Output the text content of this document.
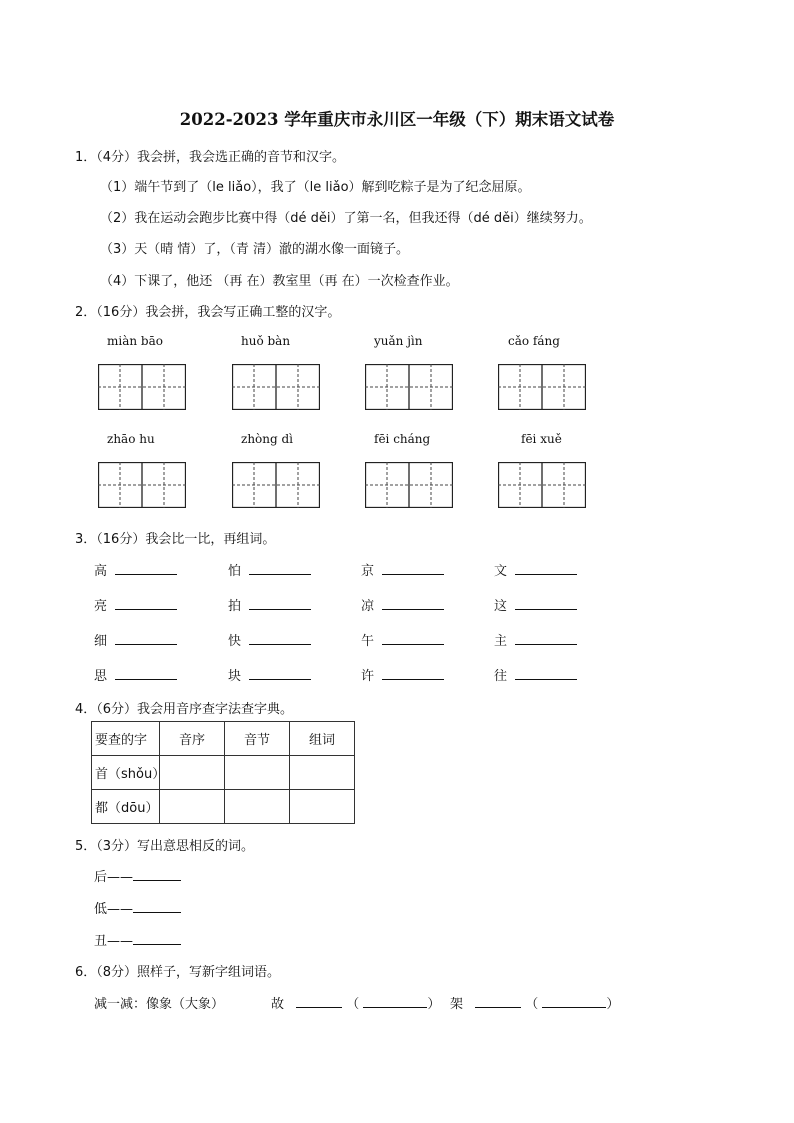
2022-2023 学年重庆市永川区一年级（下）期末语文试卷
1．（4分）我会拼，我会选正确的音节和汉字。
（1）端午节到了（le liǎo），我了（le liǎo）解到吃粽子是为了纪念屈原。
（2）我在运动会跑步比赛中得（dé děi）了第一名，但我还得（dé děi）继续努力。
（3）天（晴 情）了，（青 清）澈的湖水像一面镜子。
（4）下课了，他还 （再 在）教室里（再 在）一次检查作业。
2．（16分）我会拼，我会写正确工整的汉字。
miàn bāo	huǒ bàn	yuǎn jìn	cǎo fáng
zhāo hu	zhòng dì	fēi cháng	fēi xuě
3．（16分）我会比一比，再组词。
高	怕	京	文
亮	拍	凉	这
细	快	午	主
思	块	许	往
4．（6分）我会用音序查字法查字典。
要查的字	音序	音节	组词
首（shǒu）			
都（dōu）			
5．（3分）写出意思相反的词。
后——
低——
丑——
6．（8分）照样子，写新字组词语。
减一减：像象（大象）	故	（	） 架	（	）
